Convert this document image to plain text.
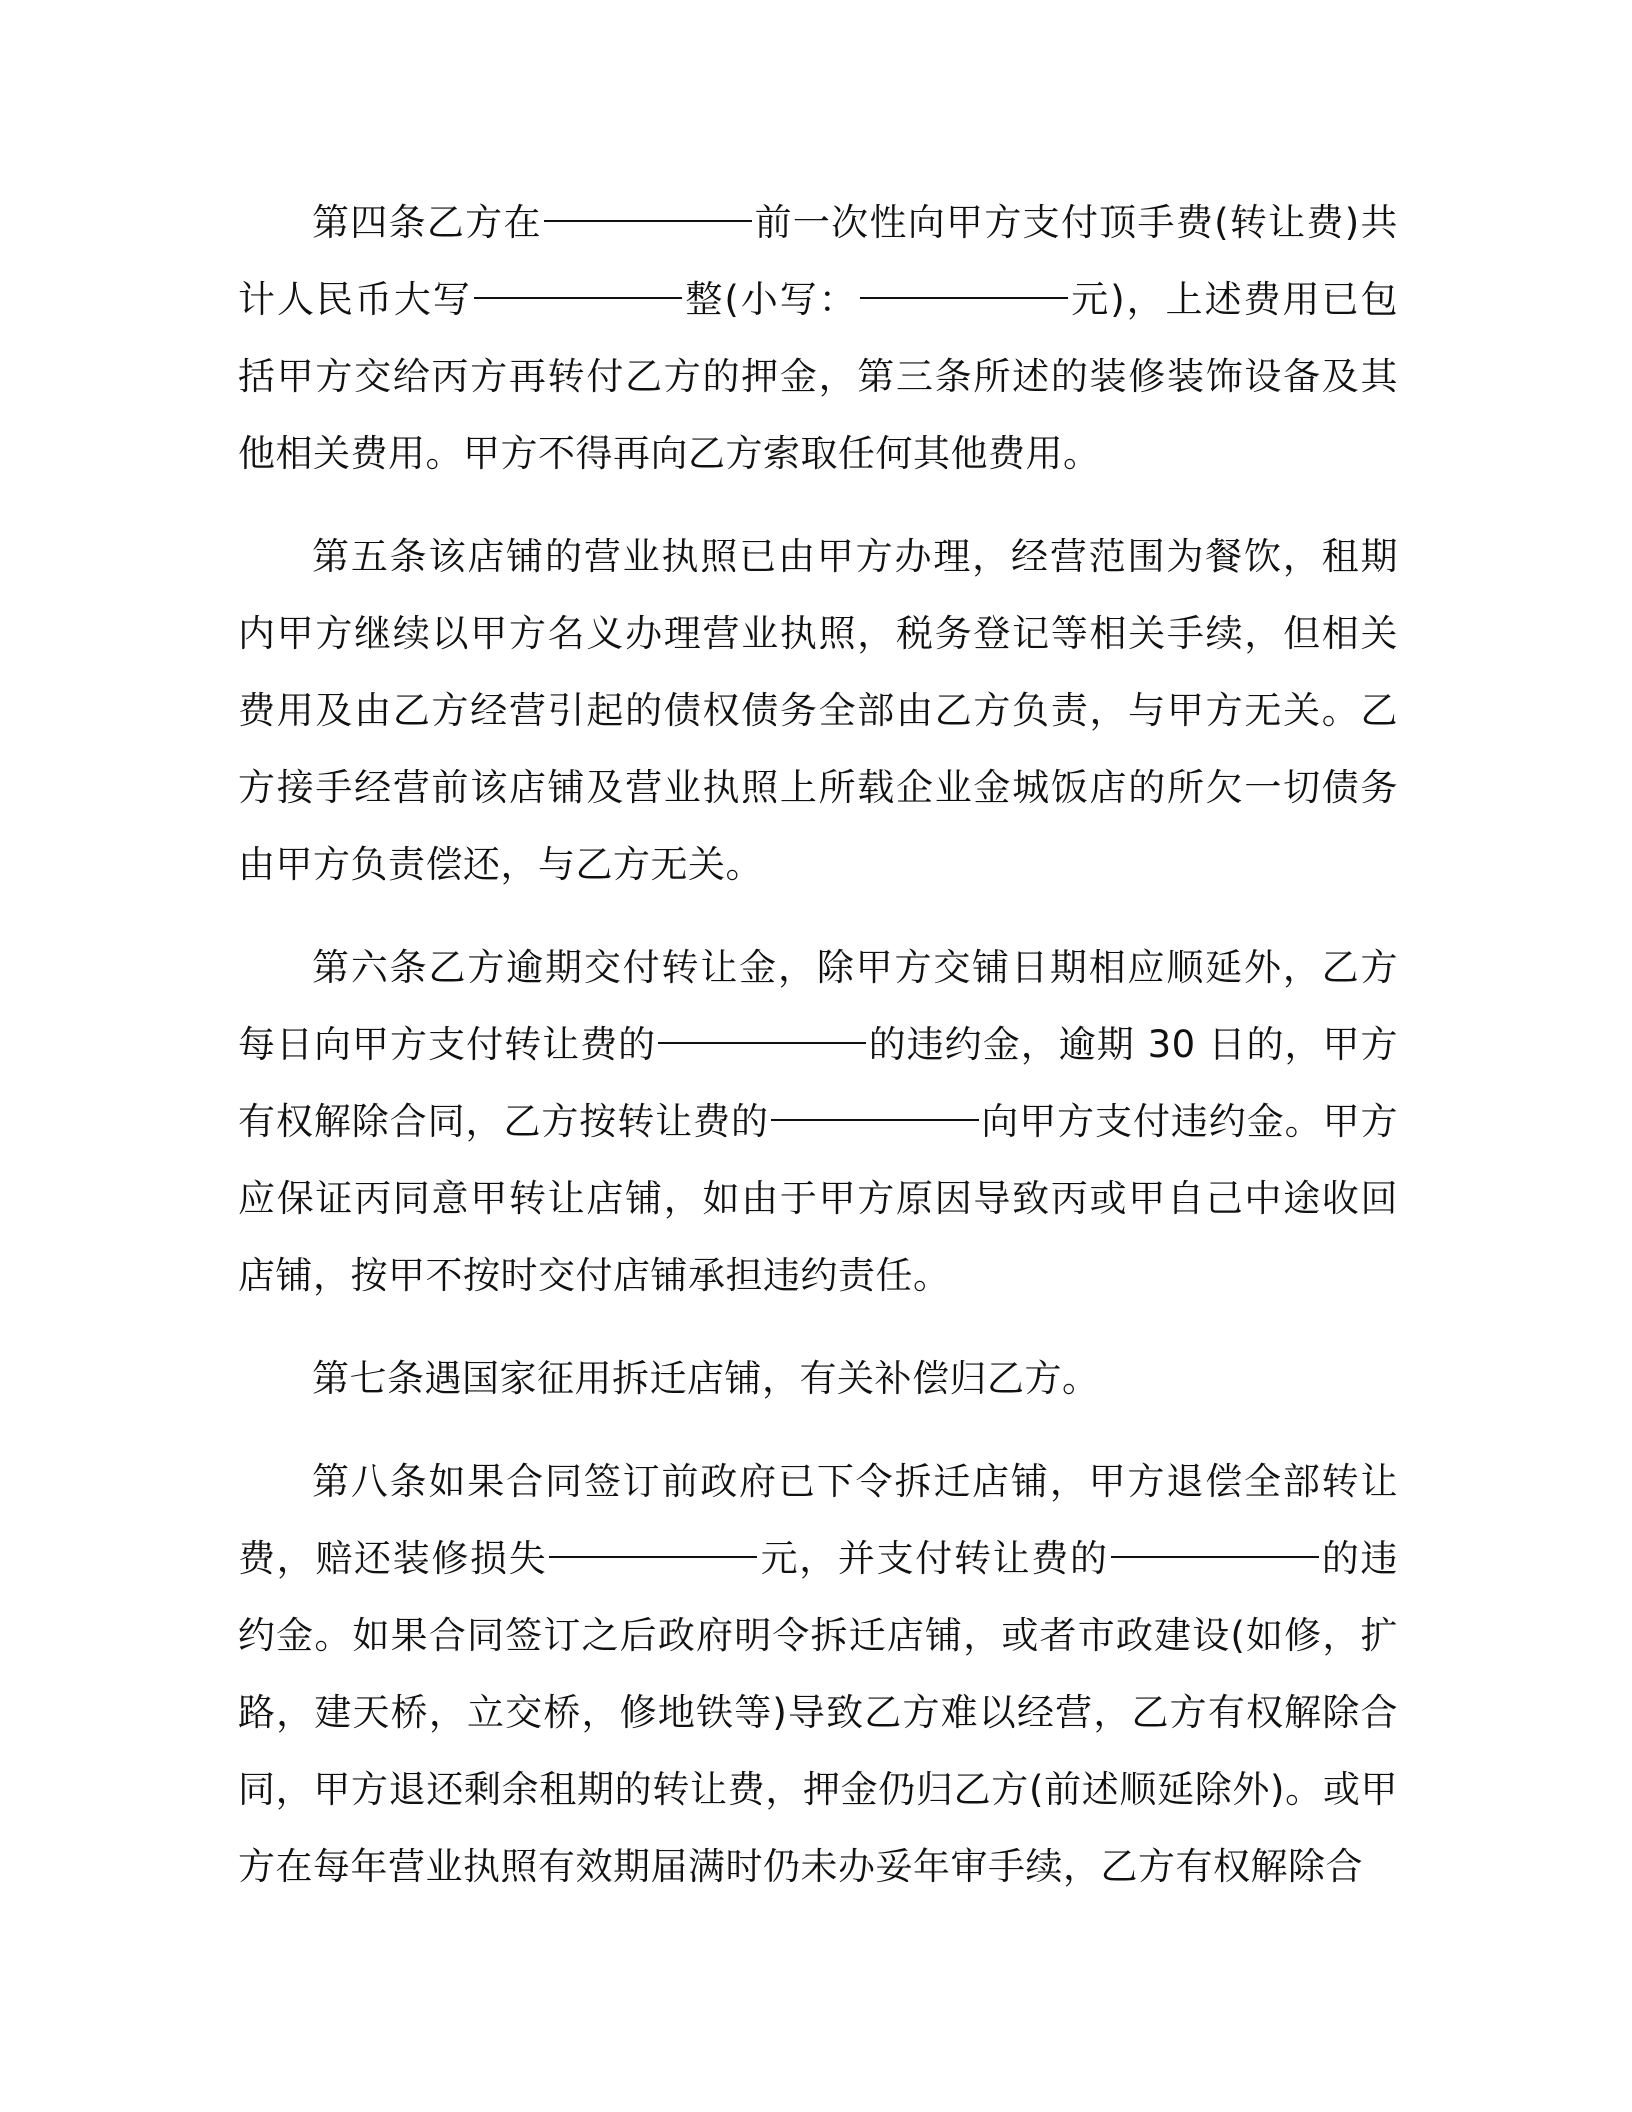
第四条乙方在	前一次性向甲方支付顶手费(转让费)共计人民币大写	整(小写：	元)，上述费用已包括甲方交给丙方再转付乙方的押金，第三条所述的装修装饰设备及其他相关费用。甲方不得再向乙方索取任何其他费用。

第五条该店铺的营业执照已由甲方办理，经营范围为餐饮，租期内甲方继续以甲方名义办理营业执照，税务登记等相关手续，但相关费用及由乙方经营引起的债权债务全部由乙方负责，与甲方无关。乙方接手经营前该店铺及营业执照上所载企业金城饭店的所欠一切债务由甲方负责偿还，与乙方无关。

第六条乙方逾期交付转让金，除甲方交铺日期相应顺延外，乙方每日向甲方支付转让费的	的违约金，逾期 30 日的，甲方有权解除合同，乙方按转让费的	向甲方支付违约金。甲方应保证丙同意甲转让店铺，如由于甲方原因导致丙或甲自己中途收回店铺，按甲不按时交付店铺承担违约责任。

第七条遇国家征用拆迁店铺，有关补偿归乙方。

第八条如果合同签订前政府已下令拆迁店铺，甲方退偿全部转让费，赔还装修损失	元，并支付转让费的	的违约金。如果合同签订之后政府明令拆迁店铺，或者市政建设(如修，扩路，建天桥，立交桥，修地铁等)导致乙方难以经营，乙方有权解除合同，甲方退还剩余租期的转让费，押金仍归乙方(前述顺延除外)。或甲方在每年营业执照有效期届满时仍未办妥年审手续，乙方有权解除合
